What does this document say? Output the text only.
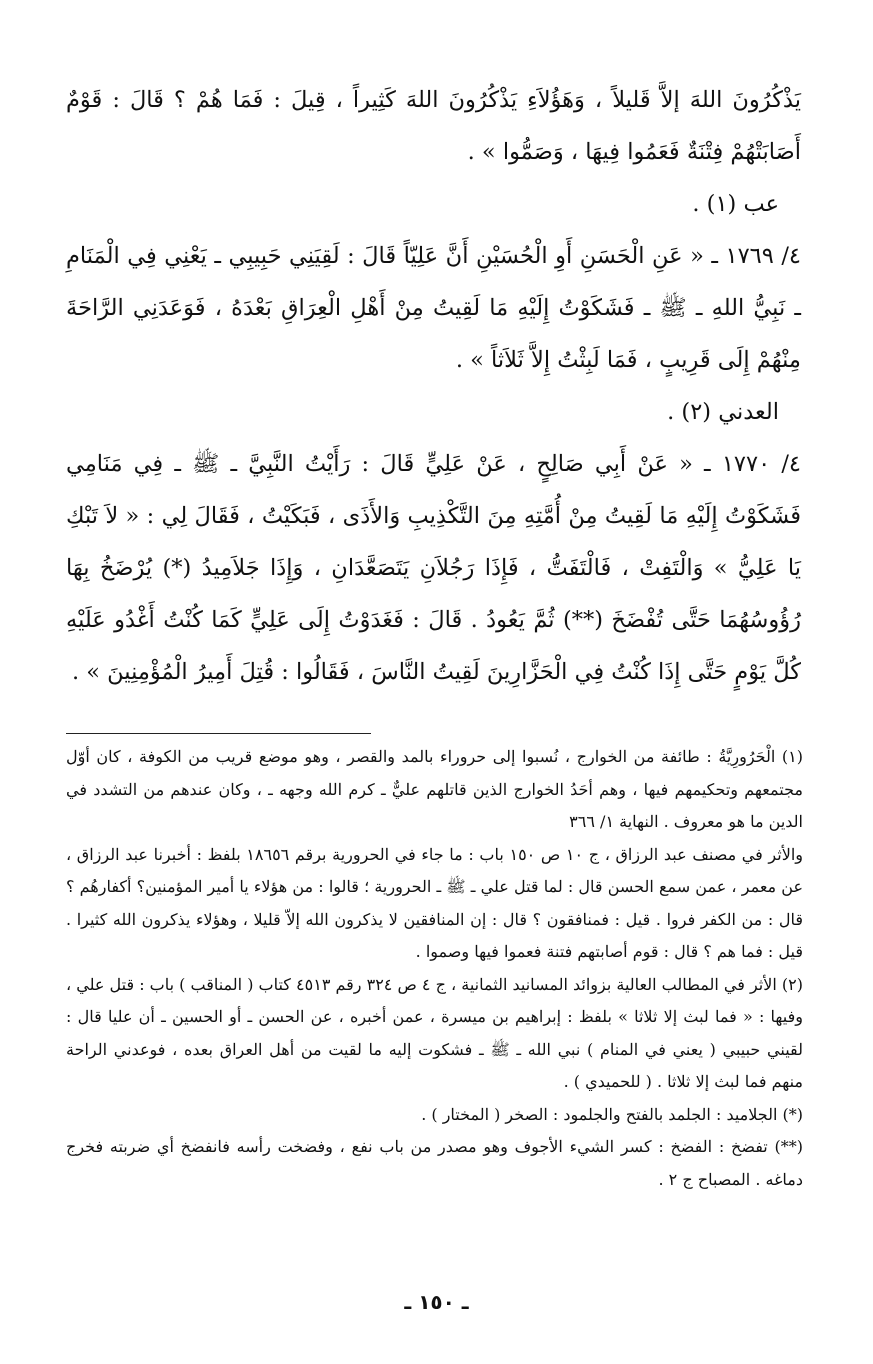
يَذْكُرُونَ اللهَ إلاَّ قَليلاً ، وَهَؤُلاَءِ يَذْكُرُونَ اللهَ كَثِيراً ، قِيلَ : فَمَا هُمْ ؟ قَالَ : قَوْمٌ أَصَابَتْهُمْ فِتْنَةٌ فَعَمُوا فِيهَا ، وَصَمُّوا » .

عب (١) .

٤/ ١٧٦٩ ـ « عَنِ الْحَسَنِ أَوِ الْحُسَيْنِ أَنَّ عَلِيّاً قَالَ : لَقِيَنِي حَبِيبِي ـ يَعْنِي فِي الْمَنَامِ ـ نَبِيُّ اللهِ ـ ﷺ ـ فَشَكَوْتُ إِلَيْهِ مَا لَقِيتُ مِنْ أَهْلِ الْعِرَاقِ بَعْدَهُ ، فَوَعَدَنِي الرَّاحَةَ مِنْهُمْ إِلَى قَرِيبٍ ، فَمَا لَبِثْتُ إِلاَّ ثَلاَثاً » .

العدني (٢) .

٤/ ١٧٧٠ ـ « عَنْ أَبِي صَالِحٍ ، عَنْ عَلِيٍّ قَالَ : رَأَيْتُ النَّبِيَّ ـ ﷺ ـ فِي مَنَامِي فَشَكَوْتُ إِلَيْهِ مَا لَقِيتُ مِنْ أُمَّتِهِ مِنَ التَّكْذِيبِ وَالأَذَى ، فَبَكَيْتُ ، فَقَالَ لِي : « لاَ تَبْكِ يَا عَلِيُّ » وَالْتَفِتْ ، فَالْتَفَتُّ ، فَإِذَا رَجُلاَنِ يَتَصَعَّدَانِ ، وَإِذَا جَلاَمِيدُ (*) يُرْضَخُ بِهَا رُؤُوسُهُمَا حَتَّى تُفْضَخَ (**) ثُمَّ يَعُودُ . قَالَ : فَغَدَوْتُ إِلَى عَلِيٍّ كَمَا كُنْتُ أَغْدُو عَلَيْهِ كُلَّ يَوْمٍ حَتَّى إِذَا كُنْتُ فِي الْحَزَّارِينَ لَقِيتُ النَّاسَ ، فَقَالُوا : قُتِلَ أَمِيرُ الْمُؤْمِنِينَ » .

(١) الْحَرُورِيَّةُ : طائفة من الخوارج ، نُسبوا إلى حروراء بالمد والقصر ، وهو موضع قريب من الكوفة ، كان أوّل مجتمعهم وتحكيمهم فيها ، وهم أحَدُ الخوارج الذين قاتلهم عليٌّ ـ كرم الله وجهه ـ ، وكان عندهم من التشدد في الدين ما هو معروف . النهاية ١/ ٣٦٦

والأثر في مصنف عبد الرزاق ، ج ١٠ ص ١٥٠ باب : ما جاء في الحرورية برقم ١٨٦٥٦ بلفظ : أخبرنا عبد الرزاق ، عن معمر ، عمن سمع الحسن قال : لما قتل علي ـ ﷺ ـ الحرورية ؛ قالوا : من هؤلاء يا أمير المؤمنين؟ أكفارهُم ؟ قال : من الكفر فروا . قيل : فمنافقون ؟ قال : إن المنافقين لا يذكرون الله إلاّ قليلا ، وهؤلاء يذكرون الله كثيرا . قيل : فما هم ؟ قال : قوم أصابتهم فتنة فعموا فيها وصموا .

(٢) الأثر في المطالب العالية بزوائد المسانيد الثمانية ، ج ٤ ص ٣٢٤ رقم ٤٥١٣ كتاب ( المناقب ) باب : قتل علي ، وفيها : « فما لبث إلا ثلاثا » بلفظ : إبراهيم بن ميسرة ، عمن أخبره ، عن الحسن ـ أو الحسين ـ أن عليا قال : لقيني حبيبي ( يعني في المنام ) نبي الله ـ ﷺ ـ فشكوت إليه ما لقيت من أهل العراق بعده ، فوعدني الراحة منهم فما لبث إلا ثلاثا . ( للحميدي ) .

(*) الجلاميد : الجلمد بالفتح والجلمود : الصخر ( المختار ) .

(**) تفضخ : الفضخ : كسر الشيء الأجوف وهو مصدر من باب نفع ، وفضخت رأسه فانفضخ أي ضربته فخرج دماغه . المصباح ج ٢ .

ـ ١٥٠ ـ
